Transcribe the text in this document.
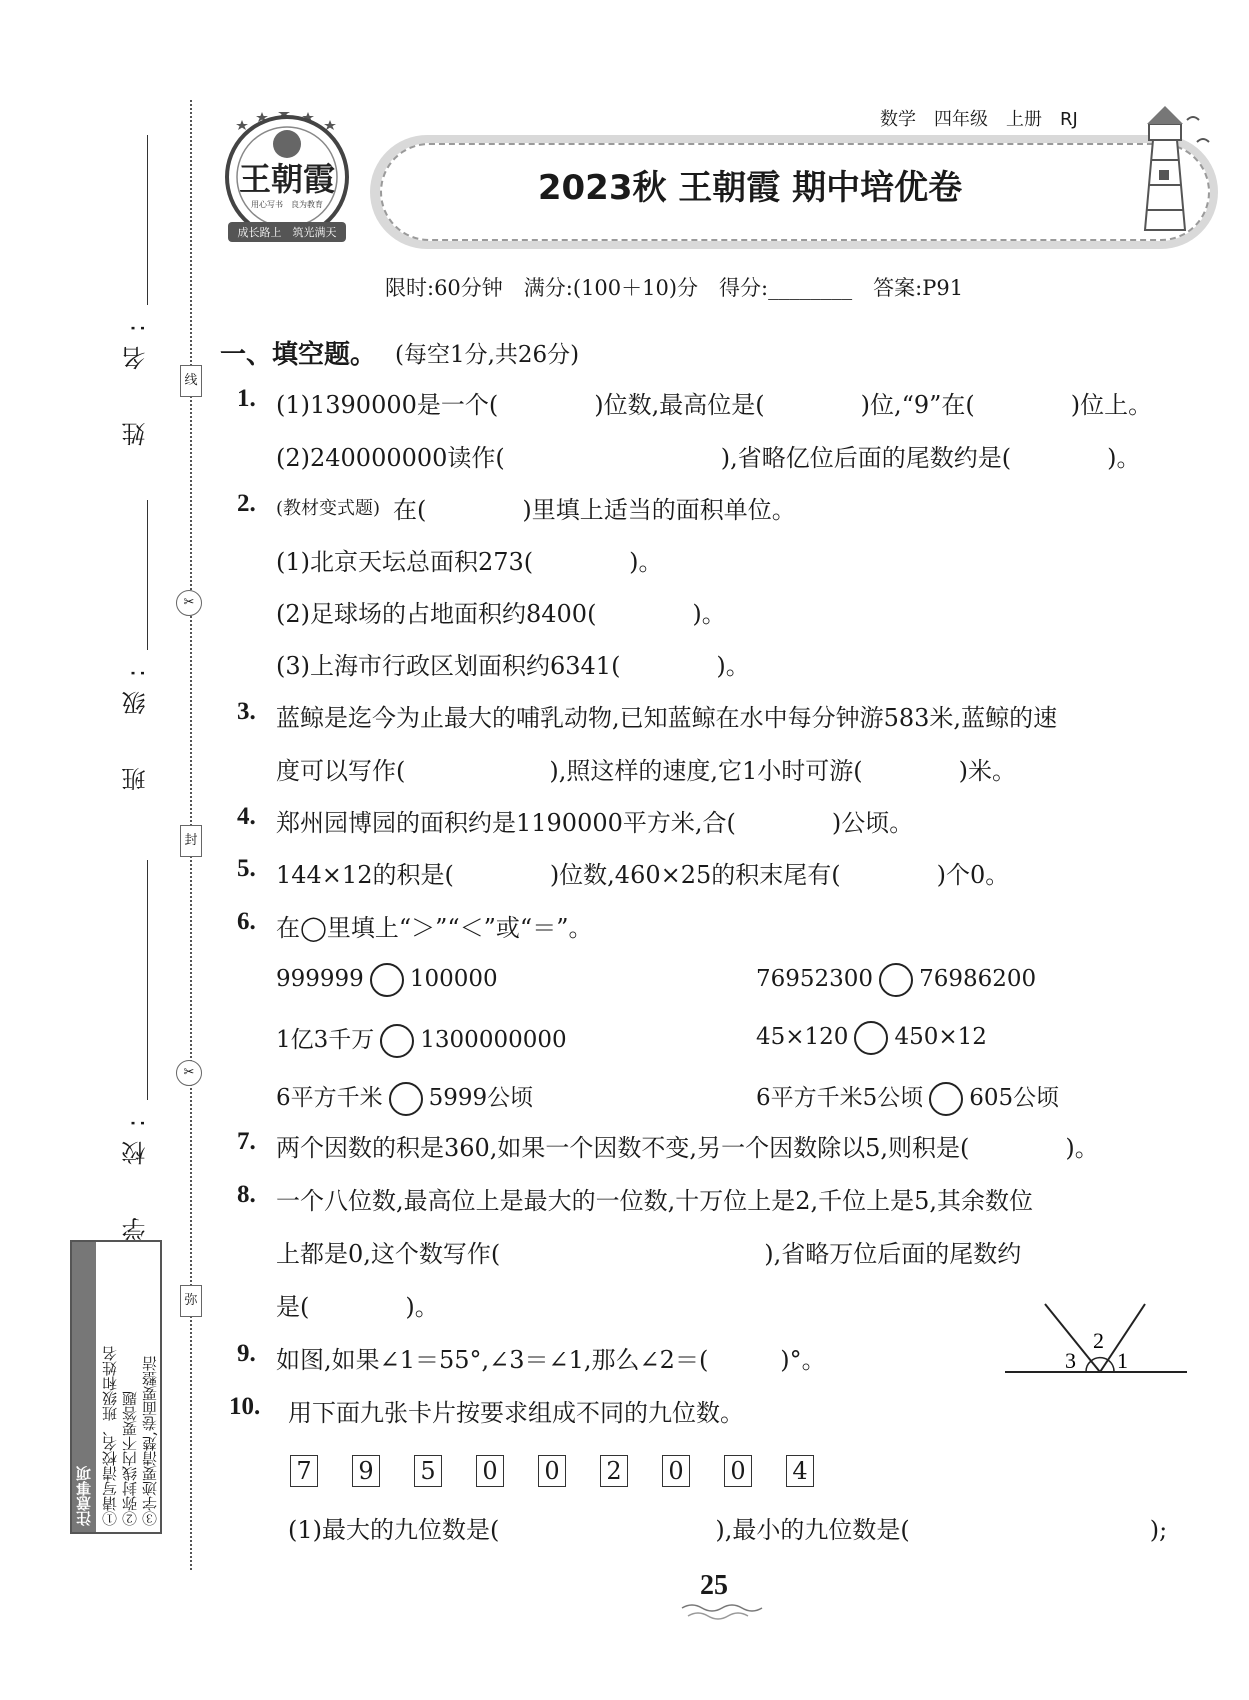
线
封
弥
✂
✂
姓　名:
班　级:
学　校:
注意事项 ①请写清校名、班级和姓名 ②弥封线内不要答题 ③字迹要清楚,卷面要整洁
数学　四年级　上册　RJ
2023秋 王朝霞 期中培优卷
王朝霞
用心写书　良为教育
成长路上　筑光满天
限时:60分钟　满分:(100＋10)分　得分:________　答案:P91
一、填空题。 (每空1分,共26分)
1. (1)1390000是一个(　　　　)位数,最高位是(　　　　)位,“9”在(　　　　)位上。
(2)240000000读作(　　　　　　　　　),省略亿位后面的尾数约是(　　　　)。
2. (教材变式题) 在(　　　　)里填上适当的面积单位。
(1)北京天坛总面积273(　　　　)。
(2)足球场的占地面积约8400(　　　　)。
(3)上海市行政区划面积约6341(　　　　)。
3. 蓝鲸是迄今为止最大的哺乳动物,已知蓝鲸在水中每分钟游583米,蓝鲸的速
度可以写作(　　　　　　),照这样的速度,它1小时可游(　　　　)米。
4. 郑州园博园的面积约是1190000平方米,合(　　　　)公顷。
5. 144×12的积是(　　　　)位数,460×25的积末尾有(　　　　)个0。
6. 在◯里填上“＞”“＜”或“＝”。
999999 100000	76952300 76986200
1亿3千万 1300000000	45×120 450×12
6平方千米 5999公顷	6平方千米5公顷 605公顷
7. 两个因数的积是360,如果一个因数不变,另一个因数除以5,则积是(　　　　)。
8. 一个八位数,最高位上是最大的一位数,十万位上是2,千位上是5,其余数位
上都是0,这个数写作(　　　　　　　　　　　),省略万位后面的尾数约
是(　　　　)。
9. 如图,如果∠1＝55°,∠3＝∠1,那么∠2＝(　　　)°。	3
2
1
10. 用下面九张卡片按要求组成不同的九位数。
7 9 5 0 0 2 0 0 4
(1)最大的九位数是(　　　　　　　　　),最小的九位数是(　　　　　　　　　　);
25
